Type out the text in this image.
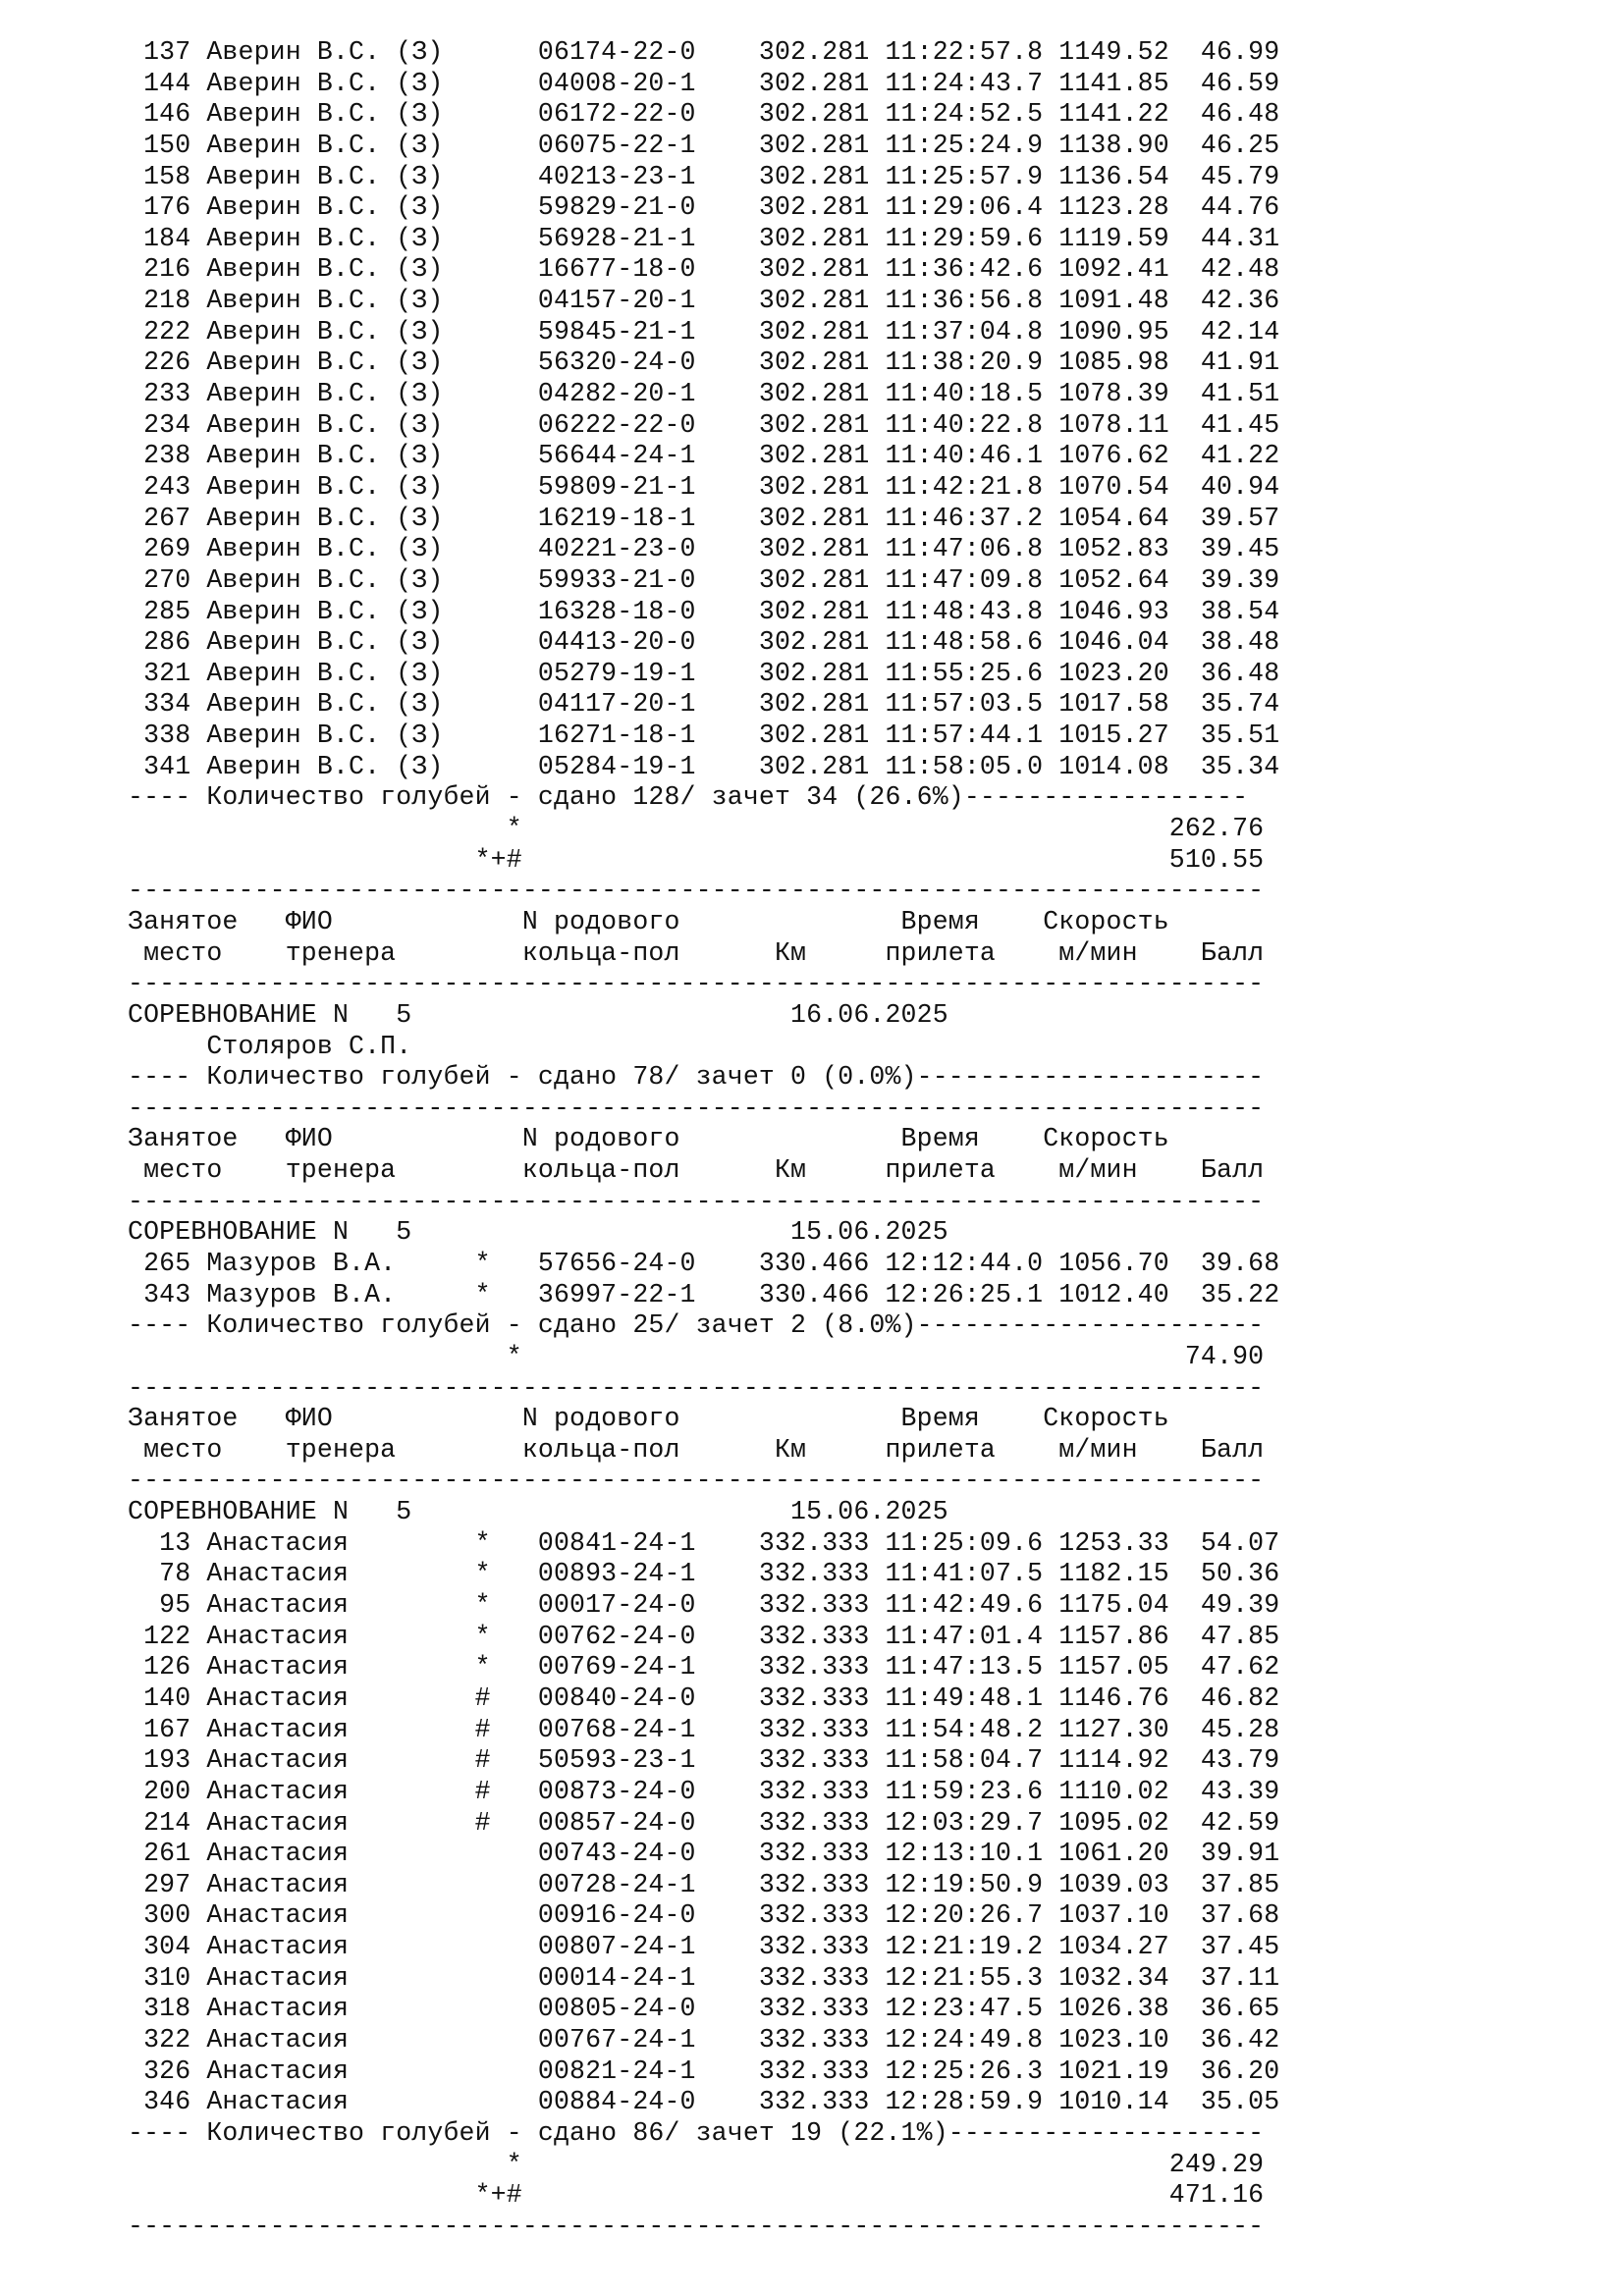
137 Аверин В.С. (З)      06174-22-0    302.281 11:22:57.8 1149.52  46.99
144 Аверин В.С. (З)      04008-20-1    302.281 11:24:43.7 1141.85  46.59
146 Аверин В.С. (З)      06172-22-0    302.281 11:24:52.5 1141.22  46.48
150 Аверин В.С. (З)      06075-22-1    302.281 11:25:24.9 1138.90  46.25
158 Аверин В.С. (З)      40213-23-1    302.281 11:25:57.9 1136.54  45.79
176 Аверин В.С. (З)      59829-21-0    302.281 11:29:06.4 1123.28  44.76
184 Аверин В.С. (З)      56928-21-1    302.281 11:29:59.6 1119.59  44.31
216 Аверин В.С. (З)      16677-18-0    302.281 11:36:42.6 1092.41  42.48
218 Аверин В.С. (З)      04157-20-1    302.281 11:36:56.8 1091.48  42.36
222 Аверин В.С. (З)      59845-21-1    302.281 11:37:04.8 1090.95  42.14
226 Аверин В.С. (З)      56320-24-0    302.281 11:38:20.9 1085.98  41.91
233 Аверин В.С. (З)      04282-20-1    302.281 11:40:18.5 1078.39  41.51
234 Аверин В.С. (З)      06222-22-0    302.281 11:40:22.8 1078.11  41.45
238 Аверин В.С. (З)      56644-24-1    302.281 11:40:46.1 1076.62  41.22
243 Аверин В.С. (З)      59809-21-1    302.281 11:42:21.8 1070.54  40.94
267 Аверин В.С. (З)      16219-18-1    302.281 11:46:37.2 1054.64  39.57
269 Аверин В.С. (З)      40221-23-0    302.281 11:47:06.8 1052.83  39.45
270 Аверин В.С. (З)      59933-21-0    302.281 11:47:09.8 1052.64  39.39
285 Аверин В.С. (З)      16328-18-0    302.281 11:48:43.8 1046.93  38.54
286 Аверин В.С. (З)      04413-20-0    302.281 11:48:58.6 1046.04  38.48
321 Аверин В.С. (З)      05279-19-1    302.281 11:55:25.6 1023.20  36.48
334 Аверин В.С. (З)      04117-20-1    302.281 11:57:03.5 1017.58  35.74
338 Аверин В.С. (З)      16271-18-1    302.281 11:57:44.1 1015.27  35.51
341 Аверин В.С. (З)      05284-19-1    302.281 11:58:05.0 1014.08  35.34
---- Количество голубей - сдано 128/ зачет 34 (26.6%)------------------
*                                         262.76
*+#                                         510.55
------------------------------------------------------------------------
Занятое   ФИО            N родового              Время    Скорость
место    тренера        кольца-пол      Км     прилета    м/мин    Балл
------------------------------------------------------------------------
СОРЕВНОВАНИЕ N   5                        16.06.2025
Столяров С.П.
---- Количество голубей - сдано 78/ зачет 0 (0.0%)----------------------
------------------------------------------------------------------------
Занятое   ФИО            N родового              Время    Скорость
место    тренера        кольца-пол      Км     прилета    м/мин    Балл
------------------------------------------------------------------------
СОРЕВНОВАНИЕ N   5                        15.06.2025
265 Мазуров В.А.     *   57656-24-0    330.466 12:12:44.0 1056.70  39.68
343 Мазуров В.А.     *   36997-22-1    330.466 12:26:25.1 1012.40  35.22
---- Количество голубей - сдано 25/ зачет 2 (8.0%)----------------------
*                                          74.90
------------------------------------------------------------------------
Занятое   ФИО            N родового              Время    Скорость
место    тренера        кольца-пол      Км     прилета    м/мин    Балл
------------------------------------------------------------------------
СОРЕВНОВАНИЕ N   5                        15.06.2025
13 Анастасия        *   00841-24-1    332.333 11:25:09.6 1253.33  54.07
78 Анастасия        *   00893-24-1    332.333 11:41:07.5 1182.15  50.36
95 Анастасия        *   00017-24-0    332.333 11:42:49.6 1175.04  49.39
122 Анастасия        *   00762-24-0    332.333 11:47:01.4 1157.86  47.85
126 Анастасия        *   00769-24-1    332.333 11:47:13.5 1157.05  47.62
140 Анастасия        #   00840-24-0    332.333 11:49:48.1 1146.76  46.82
167 Анастасия        #   00768-24-1    332.333 11:54:48.2 1127.30  45.28
193 Анастасия        #   50593-23-1    332.333 11:58:04.7 1114.92  43.79
200 Анастасия        #   00873-24-0    332.333 11:59:23.6 1110.02  43.39
214 Анастасия        #   00857-24-0    332.333 12:03:29.7 1095.02  42.59
261 Анастасия            00743-24-0    332.333 12:13:10.1 1061.20  39.91
297 Анастасия            00728-24-1    332.333 12:19:50.9 1039.03  37.85
300 Анастасия            00916-24-0    332.333 12:20:26.7 1037.10  37.68
304 Анастасия            00807-24-1    332.333 12:21:19.2 1034.27  37.45
310 Анастасия            00014-24-1    332.333 12:21:55.3 1032.34  37.11
318 Анастасия            00805-24-0    332.333 12:23:47.5 1026.38  36.65
322 Анастасия            00767-24-1    332.333 12:24:49.8 1023.10  36.42
326 Анастасия            00821-24-1    332.333 12:25:26.3 1021.19  36.20
346 Анастасия            00884-24-0    332.333 12:28:59.9 1010.14  35.05
---- Количество голубей - сдано 86/ зачет 19 (22.1%)--------------------
*                                         249.29
*+#                                         471.16
------------------------------------------------------------------------
